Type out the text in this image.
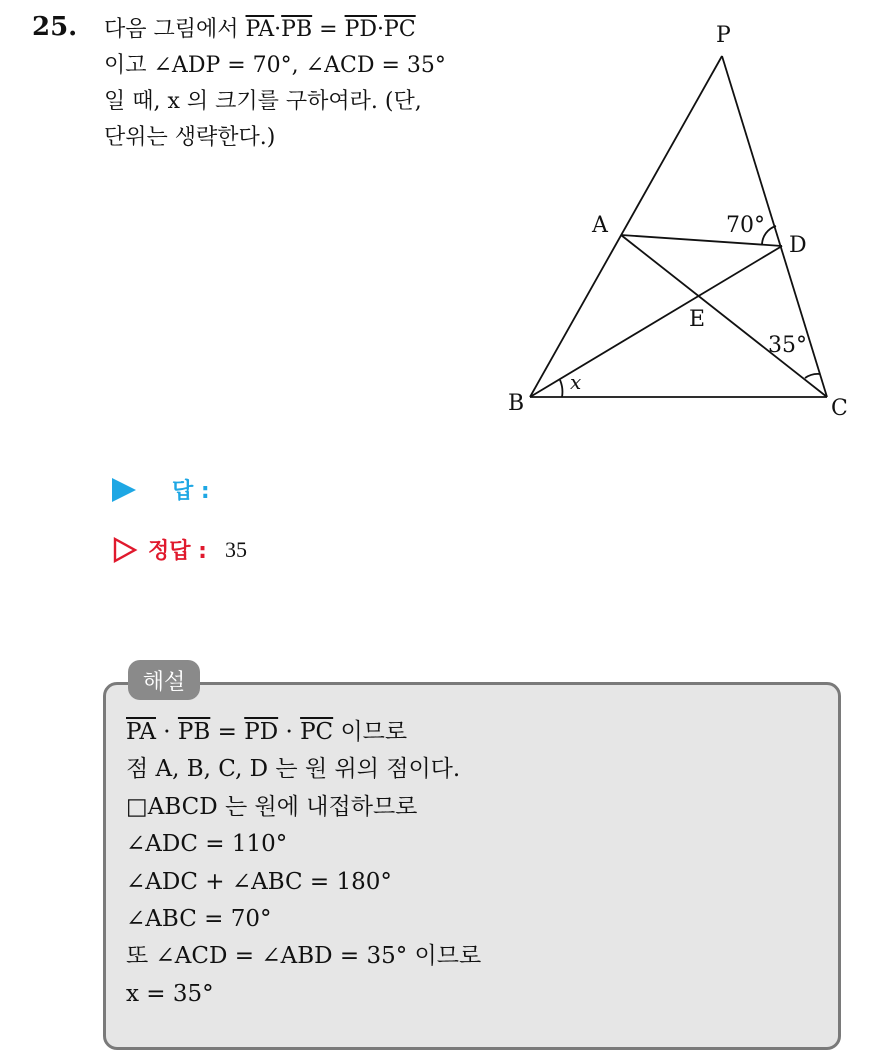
25. 다음 그림에서 $\overline{PA}\cdot\overline{PB} = \overline{PD}\cdot\overline{PC}$
이고 ∠ADP = 70°, ∠ACD = 35°
일 때, x 의 크기를 구하여라. (단,
단위는 생략한다.)
P
A
D
E
B	C
70°
35°
x
답 :
정답 : 35
해설
$\overline{PA} \cdot \overline{PB} = \overline{PD} \cdot \overline{PC}$ 이므로
점 A, B, C, D 는 원 위의 점이다.
□ABCD 는 원에 내접하므로
∠ADC = 110°
∠ADC + ∠ABC = 180°
∠ABC = 70°
또 ∠ACD = ∠ABD = 35° 이므로
x = 35°
